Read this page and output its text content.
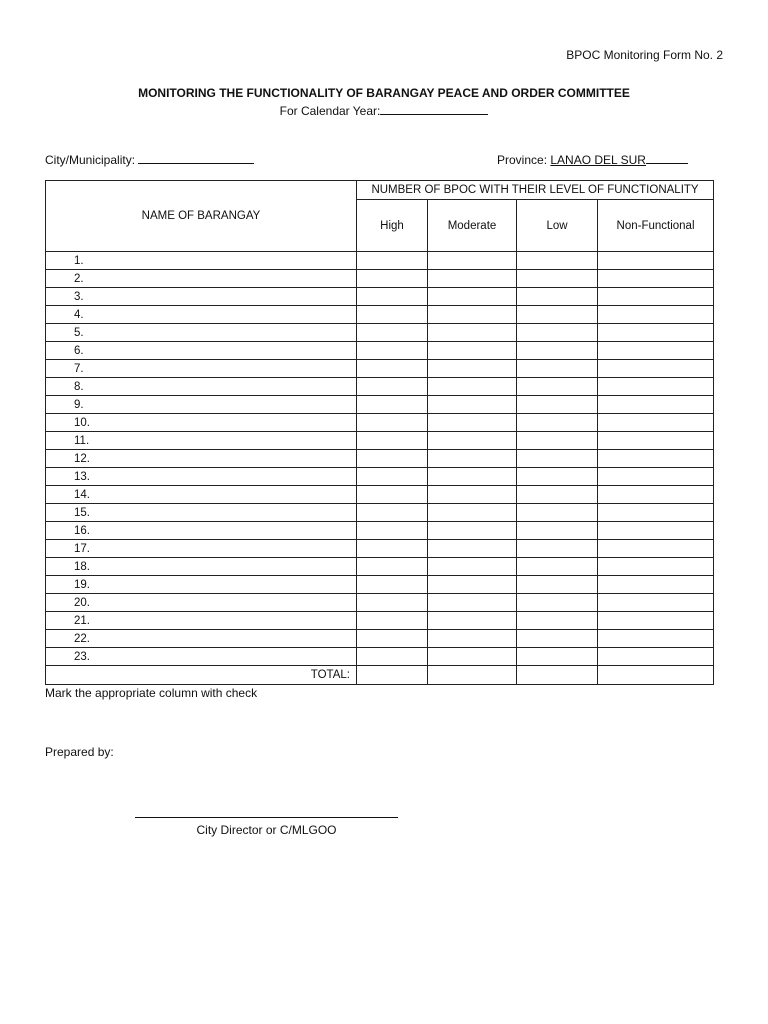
BPOC Monitoring Form No. 2
MONITORING THE FUNCTIONALITY OF BARANGAY PEACE AND ORDER COMMITTEE
For Calendar Year:
City/Municipality:	Province: LANAO DEL SUR
NAME OF BARANGAY	NUMBER OF BPOC WITH THEIR LEVEL OF FUNCTIONALITY			
	High	Moderate	Low	Non-Functional
1.				
2.				
3.				
4.				
5.				
6.				
7.				
8.				
9.				
10.				
11.				
12.				
13.				
14.				
15.				
16.				
17.				
18.				
19.				
20.				
21.				
22.				
23.				
TOTAL:				
Mark the appropriate column with check
Prepared by:
City Director or C/MLGOO
